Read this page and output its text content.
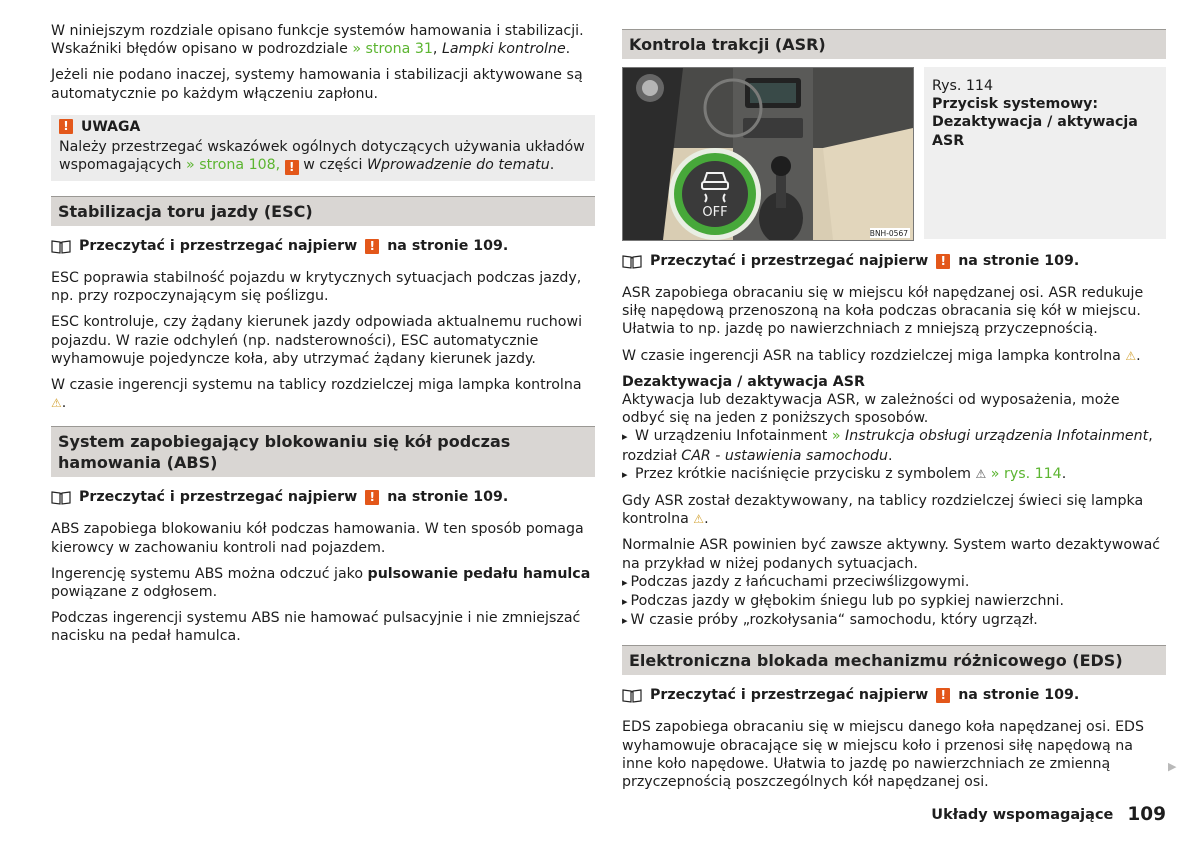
W niniejszym rozdziale opisano funkcje systemów hamowania i stabilizacji. Wskaźniki błędów opisano w podrozdziale » strona 31, Lampki kontrolne.

Jeżeli nie podano inaczej, systemy hamowania i stabilizacji aktywowane są automatycznie po każdym włączeniu zapłonu.

! UWAGA

Należy przestrzegać wskazówek ogólnych dotyczących używania układów wspomagających » strona 108, ! w części Wprowadzenie do tematu.

Stabilizacja toru jazdy (ESC)
Przeczytać i przestrzegać najpierw	! na stronie 109.

ESC poprawia stabilność pojazdu w krytycznych sytuacjach podczas jazdy, np. przy rozpoczynającym się poślizgu.

ESC kontroluje, czy żądany kierunek jazdy odpowiada aktualnemu ruchowi pojazdu. W razie odchyleń (np. nadsterowności), ESC automatycznie wyhamowuje pojedyncze koła, aby utrzymać żądany kierunek jazdy.

W czasie ingerencji systemu na tablicy rozdzielczej miga lampka kontrolna ⚠.

System zapobiegający blokowaniu się kół podczas hamowania (ABS)
Przeczytać i przestrzegać najpierw	! na stronie 109.

ABS zapobiega blokowaniu kół podczas hamowania. W ten sposób pomaga kierowcy w zachowaniu kontroli nad pojazdem.

Ingerencję systemu ABS można odczuć jako pulsowanie pedału hamulca powiązane z odgłosem.

Podczas ingerencji systemu ABS nie hamować pulsacyjnie i nie zmniejszać nacisku na pedał hamulca.

Kontrola trakcji (ASR)
OFF
BNH-0567
Rys. 114
Przycisk systemowy: Dezaktywacja / aktywacja ASR
Przeczytać i przestrzegać najpierw	! na stronie 109.

ASR zapobiega obracaniu się w miejscu kół napędzanej osi. ASR redukuje siłę napędową przenoszoną na koła podczas obracania się kół w miejscu. Ułatwia to np. jazdę po nawierzchniach z mniejszą przyczepnością.

W czasie ingerencji ASR na tablicy rozdzielczej miga lampka kontrolna ⚠.

Dezaktywacja / aktywacja ASR

Aktywacja lub dezaktywacja ASR, w zależności od wyposażenia, może odbyć się na jeden z poniższych sposobów.

▸ W urządzeniu Infotainment » Instrukcja obsługi urządzenia Infotainment, rozdział CAR - ustawienia samochodu.

▸ Przez krótkie naciśnięcie przycisku z symbolem ⚠ » rys. 114.

Gdy ASR został dezaktywowany, na tablicy rozdzielczej świeci się lampka kontrolna ⚠.

Normalnie ASR powinien być zawsze aktywny. System warto dezaktywować na przykład w niżej podanych sytuacjach.

▸ Podczas jazdy z łańcuchami przeciwślizgowymi.

▸ Podczas jazdy w głębokim śniegu lub po sypkiej nawierzchni.

▸ W czasie próby „rozkołysania“ samochodu, który ugrzązł.

Elektroniczna blokada mechanizmu różnicowego (EDS)
Przeczytać i przestrzegać najpierw	! na stronie 109.

EDS zapobiega obracaniu się w miejscu danego koła napędzanej osi. EDS wyhamowuje obracające się w miejscu koło i przenosi siłę napędową na inne koło napędowe. Ułatwia to jazdę po nawierzchniach ze zmienną przyczepnością poszczególnych kół napędzanej osi.

▶
Układy wspomagające 109
